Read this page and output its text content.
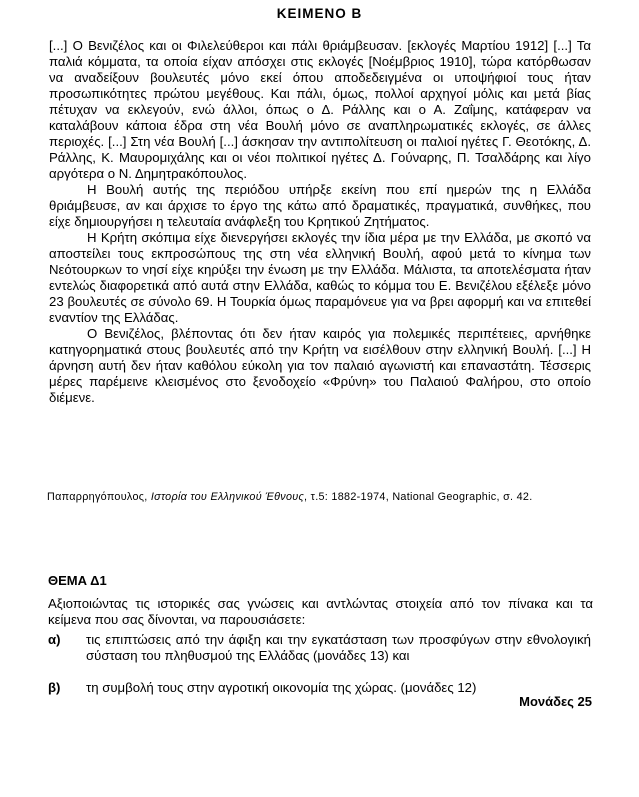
ΚΕΙΜΕΝΟ Β

[...] Ο Βενιζέλος και οι Φιλελεύθεροι και πάλι θριάμβευσαν. [εκλογές Μαρτίου 1912] [...] Τα παλιά κόμματα, τα οποία είχαν απόσχει στις εκλογές [Νοέμβριος 1910], τώρα κατόρθωσαν να αναδείξουν βουλευτές μόνο εκεί όπου αποδεδειγμένα οι υποψήφιοί τους ήταν προσωπικότητες πρώτου μεγέθους. Και πάλι, όμως, πολλοί αρχηγοί μόλις και μετά βίας πέτυχαν να εκλεγούν, ενώ άλλοι, όπως ο Δ. Ράλλης και ο Α. Ζαΐμης, κατάφεραν να καταλάβουν κάποια έδρα στη νέα Βουλή μόνο σε αναπληρωματικές εκλογές, σε άλλες περιοχές. [...] Στη νέα Βουλή [...] άσκησαν την αντιπολίτευση οι παλιοί ηγέτες Γ. Θεοτόκης, Δ. Ράλλης, Κ. Μαυρομιχάλης και οι νέοι πολιτικοί ηγέτες Δ. Γούναρης, Π. Τσαλδάρης και λίγο αργότερα ο Ν. Δημητρακόπουλος.

Η Βουλή αυτής της περιόδου υπήρξε εκείνη που επί ημερών της η Ελλάδα θριάμβευσε, αν και άρχισε το έργο της κάτω από δραματικές, πραγματικά, συνθήκες, που είχε δημιουργήσει η τελευταία ανάφλεξη του Κρητικού Ζητήματος.

Η Κρήτη σκόπιμα είχε διενεργήσει εκλογές την ίδια μέρα με την Ελλάδα, με σκοπό να αποστείλει τους εκπροσώπους της στη νέα ελληνική Βουλή, αφού μετά το κίνημα των Νεότουρκων το νησί είχε κηρύξει την ένωση με την Ελλάδα. Μάλιστα, τα αποτελέσματα ήταν εντελώς διαφορετικά από αυτά στην Ελλάδα, καθώς το κόμμα του Ε. Βενιζέλου εξέλεξε μόνο 23 βουλευτές σε σύνολο 69. Η Τουρκία όμως παραμόνευε για να βρει αφορμή και να επιτεθεί εναντίον της Ελλάδας.

Ο Βενιζέλος, βλέποντας ότι δεν ήταν καιρός για πολεμικές περιπέτειες, αρνήθηκε κατηγορηματικά στους βουλευτές από την Κρήτη να εισέλθουν στην ελληνική Βουλή. [...] Η άρνηση αυτή δεν ήταν καθόλου εύκολη για τον παλαιό αγωνιστή και επαναστάτη. Τέσσερις μέρες παρέμεινε κλεισμένος στο ξενοδοχείο «Φρύνη» του Παλαιού Φαλήρου, στο οποίο διέμενε.

Παπαρρηγόπουλος, Ιστορία του Ελληνικού Έθνους, τ.5: 1882-1974, National Geographic, σ. 42.
ΘΕΜΑ Δ1
Αξιοποιώντας τις ιστορικές σας γνώσεις και αντλώντας στοιχεία από τον πίνακα και τα κείμενα που σας δίνονται, να παρουσιάσετε:
α) τις επιπτώσεις από την άφιξη και την εγκατάσταση των προσφύγων στην εθνολογική σύσταση του πληθυσμού της Ελλάδας (μονάδες 13) και
β) τη συμβολή τους στην αγροτική οικονομία της χώρας. (μονάδες 12)
Μονάδες 25
